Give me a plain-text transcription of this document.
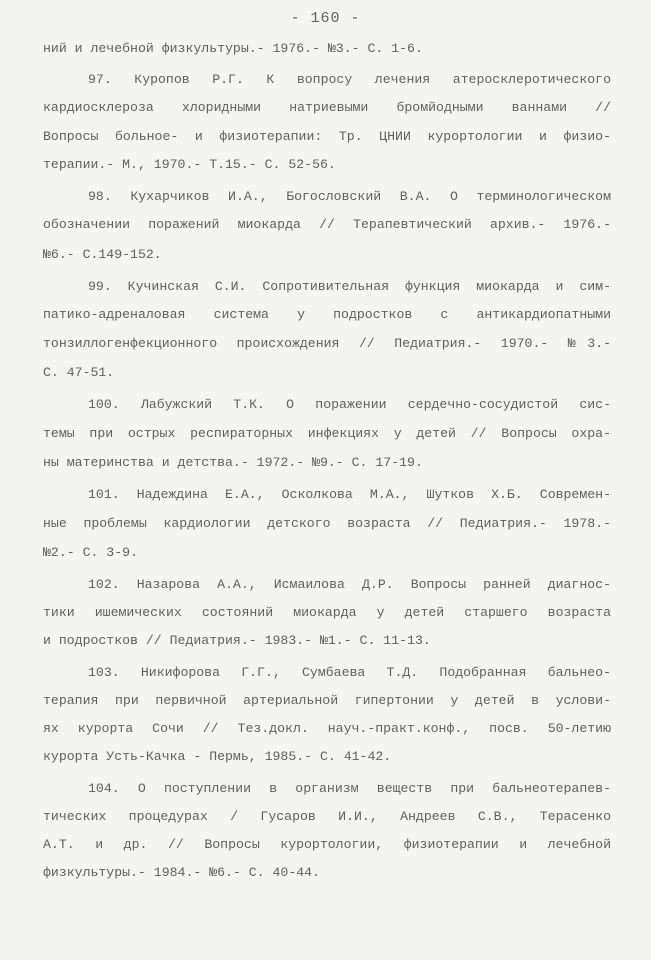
- 160 -
ний и лечебной физкультуры.- 1976.- №3.- С. 1-6.
97. Куропов Р.Г. К вопросу лечения атеросклеротического
кардиосклероза хлоридными натриевыми бромйодными ваннами //
Вопросы больное- и физиотерапии: Тр. ЦНИИ курортологии и физио-
терапии.- М., 1970.- Т.15.- С. 52-56.
98. Кухарчиков И.А., Богословский В.А. О терминологическом
обозначении поражений миокарда // Терапевтический архив.- 1976.-
№6.- С.149-152.
99. Кучинская С.И. Сопротивительная функция миокарда и сим-
патико-адреналовая система у подростков с антикардиопатными
тонзиллогенфекционного происхождения // Педиатрия.- 1970.- №3.-
С. 47-51.
100. Лабужский Т.К. О поражении сердечно-сосудистой сис-
темы при острых респираторных инфекциях у детей // Вопросы охра-
ны материнства и детства.- 1972.- №9.- С. 17-19.
101. Надеждина Е.А., Осколкова М.А., Шутков Х.Б. Современ-
ные проблемы кардиологии детского возраста // Педиатрия.- 1978.-
№2.- С. 3-9.
102. Назарова А.А., Исмаилова Д.Р. Вопросы ранней диагнос-
тики ишемических состояний миокарда у детей старшего возраста
и подростков // Педиатрия.- 1983.- №1.- С. 11-13.
103. Никифорова Г.Г., Сумбаева Т.Д. Подобранная бальнео-
терапия при первичной артериальной гипертонии у детей в услови-
ях курорта Сочи // Тез.докл. науч.-практ.конф., посв. 50-летию
курорта Усть-Качка - Пермь, 1985.- С. 41-42.
104. О поступлении в организм веществ при бальнеотерапев-
тических процедурах / Гусаров И.И., Андреев С.В., Терасенко
А.Т. и др. // Вопросы курортологии, физиотерапии и лечебной
физкультуры.- 1984.- №6.- С. 40-44.
